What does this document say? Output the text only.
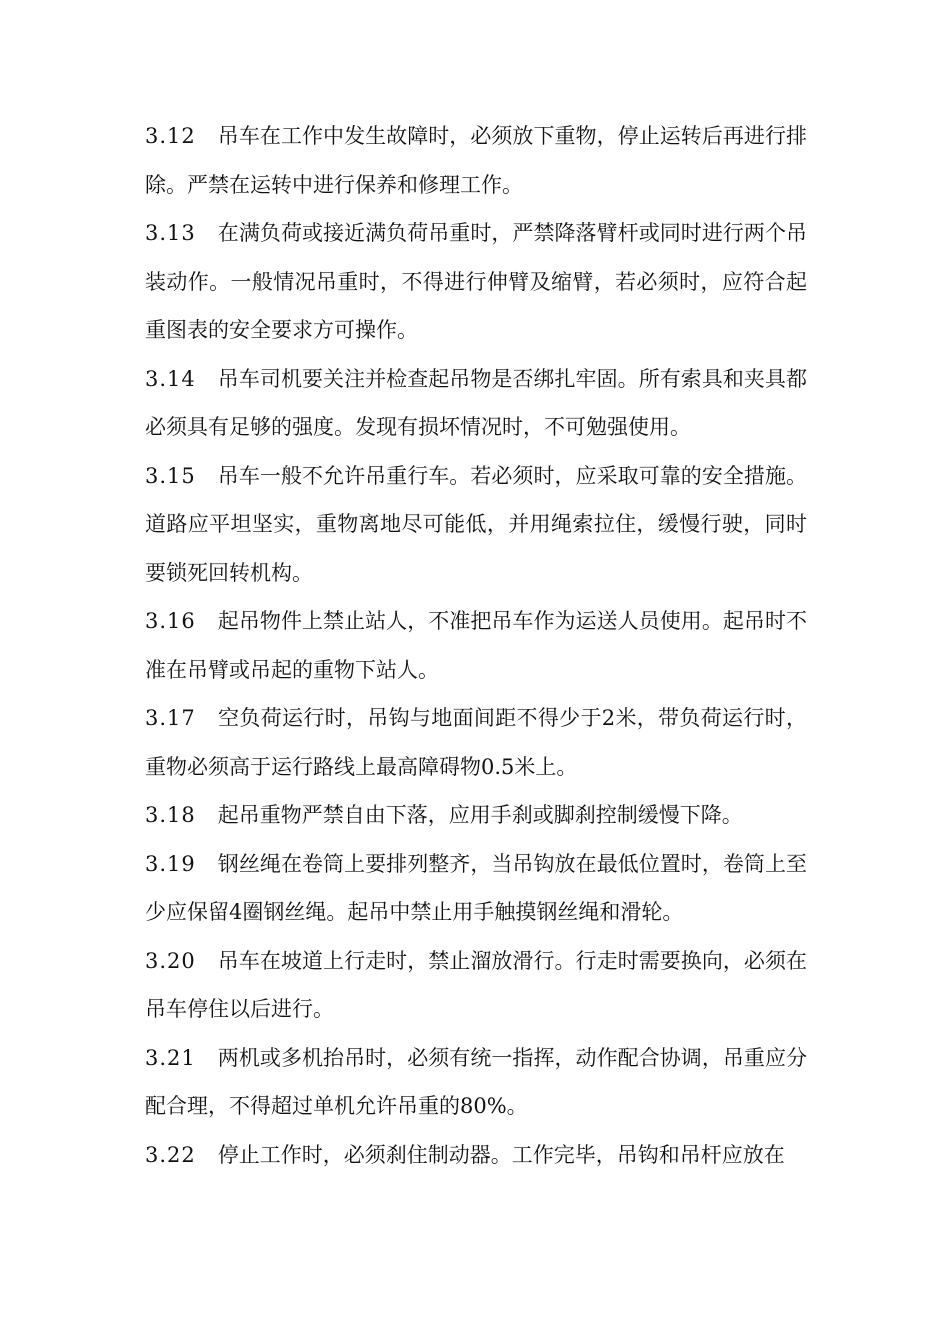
3.12 吊车在工作中发生故障时，必须放下重物，停止运转后再进行排除。严禁在运转中进行保养和修理工作。

3.13 在满负荷或接近满负荷吊重时，严禁降落臂杆或同时进行两个吊装动作。一般情况吊重时，不得进行伸臂及缩臂，若必须时，应符合起重图表的安全要求方可操作。

3.14 吊车司机要关注并检查起吊物是否绑扎牢固。所有索具和夹具都必须具有足够的强度。发现有损坏情况时，不可勉强使用。

3.15 吊车一般不允许吊重行车。若必须时，应采取可靠的安全措施。道路应平坦坚实，重物离地尽可能低，并用绳索拉住，缓慢行驶，同时要锁死回转机构。

3.16 起吊物件上禁止站人，不准把吊车作为运送人员使用。起吊时不准在吊臂或吊起的重物下站人。

3.17 空负荷运行时，吊钩与地面间距不得少于2米，带负荷运行时，重物必须高于运行路线上最高障碍物0.5米上。

3.18 起吊重物严禁自由下落，应用手刹或脚刹控制缓慢下降。

3.19 钢丝绳在卷筒上要排列整齐，当吊钩放在最低位置时，卷筒上至少应保留4圈钢丝绳。起吊中禁止用手触摸钢丝绳和滑轮。

3.20 吊车在坡道上行走时，禁止溜放滑行。行走时需要换向，必须在吊车停住以后进行。

3.21 两机或多机抬吊时，必须有统一指挥，动作配合协调，吊重应分配合理，不得超过单机允许吊重的80%。

3.22 停止工作时，必须刹住制动器。工作完毕，吊钩和吊杆应放在
